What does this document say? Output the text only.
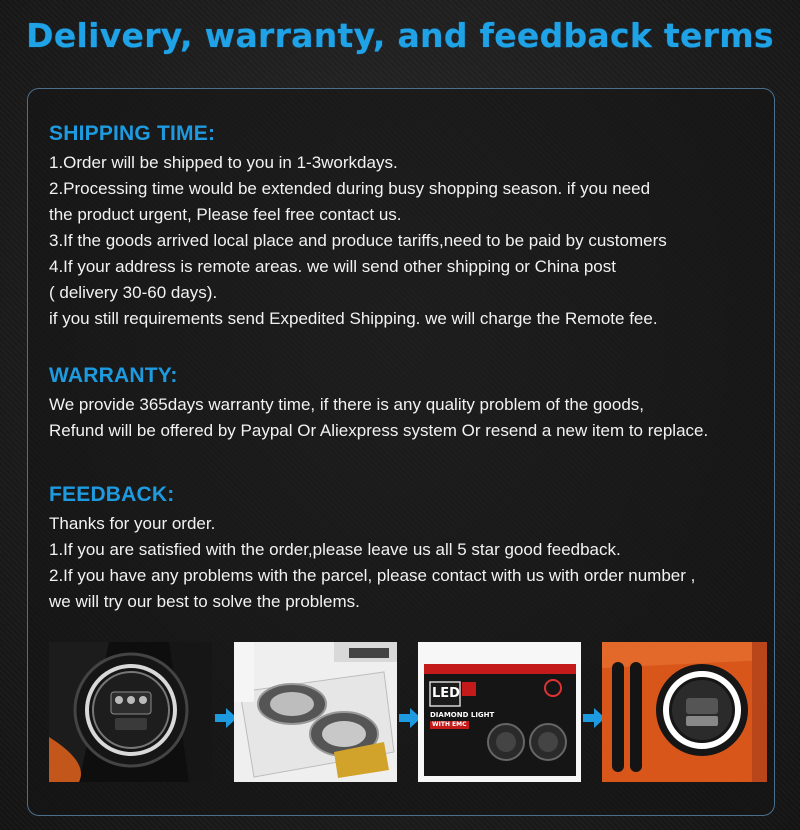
Delivery, warranty, and feedback terms
SHIPPING TIME:
1.Order will be shipped to you in 1-3workdays.
2.Processing time would be extended during busy shopping season. if you need
the product urgent, Please feel free contact us.
3.If the goods arrived local place and produce tariffs,need to be paid by customers
4.If your address is remote areas. we will send other shipping or China post
( delivery 30-60 days).
if you still requirements send Expedited Shipping. we will charge the Remote fee.
WARRANTY:
We provide 365days warranty time, if there is any quality problem of the goods,
Refund will be offered by Paypal Or Aliexpress system Or resend a new item to replace.
FEEDBACK:
Thanks for your order.
1.If you are satisfied with the order,please leave us all 5 star good feedback.
2.If you have any problems with the parcel, please contact with us with order number ,
we will try our best to solve the problems.
LED
DIAMOND LIGHT
WITH EMC
